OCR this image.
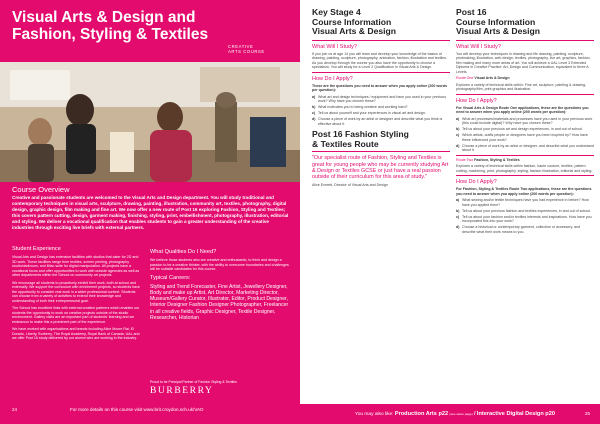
Visual Arts & Design and
Fashion, Styling & Textiles
CREATIVE
ARTS COURSE
Course Overview
Creative and passionate students are welcomed to the Visual Arts and Design department. You will study traditional and contemporary techniques in visual arts, sculpture, drawing, painting, illustration, community art, textiles, photography, digital design, graphic design, film making and fine art. We now offer a new route of Post 16 exploring Fashion, Styling and Textiles; this covers pattern cutting, design, garment making, finishing, styling, print, embellishment, photography, illustration, editorial and styling. We deliver a vocational qualification that enables students to gain a greater understanding of the creative industries through exciting live briefs with external partners.
Student Experience
Visual Arts and Design has extensive facilities with studios that cater for 2D and 3D work. These facilities range from textiles, screen printing, photography studio/darkroom, and iMac suite for digital manipulation. All projects have a vocational focus and offer opportunities to work with outside agencies as well as other departments within the School on community art projects.
We encourage all students to proactively exhibit their work, both at school and externally. We support the curriculum with enrichment projects, so students have the opportunity to consider real work in a wider professional context. Students can choose from a variety of activities to extend their knowledge and understanding of both their entrepreneurial goal.
The School has excellent links with external creative partners which enables our students the opportunity to work on creative projects outside of the studio environment. Gallery visits are an important part of students' learning and we endeavour to make this a prominent part of the experience.
We have worked with organisations and brands including Alice Moore Rai, El Dorado, Liberty, Burberry, The Royal Academy, Royal Bank of Canada, UAL and we offer Post 16 study delivered by our alumni who are working in the industry.
What Qualities Do I Need?
We believe those students who are creative and enthusiastic, to think and design a passion to be a creative thinker, with the ability to overcome boundaries and challenges will be suitable candidates for this course.
Typical Careers:
Styling and Trend Forecaster, Fine Artist, Jewellery Designer, Body and make up Artist, Art Director, Marketing Director, Museum/Gallery Curator, Illustrator, Editor, Product Designer, Interior Designer Fashion Designer Photographer, Freelancer in all creative fields, Graphic Designer, Textile Designer, Researcher, Historian
Proud to be Principal Partner of Fashion Styling & Textiles
BURBERRY
24	For more details on this course visit www.brit.croydon.sch.uk/VAD
Key Stage 4
Course Information
Visual Arts & Design
What Will I Study?
If you join us at age 14 you will learn and develop your knowledge of the basics of drawing, painting, sculpture, photography, animation, fashion, illustration and textiles. As you develop through the course you also have the opportunity to choose a specialism. You will study for a Level 2 Qualification in Visual Arts & Design.
How Do I Apply?
These are the questions you need to answer when you apply online (200 words per question):
a) What art and design techniques / equipment and have you used in your previous work? Why have you chosen these?
b) What motivates you to being creative and working hard?
c) Tell us about yourself and your experiences in visual art and design.
d) Choose a piece of work by an artist or designer and describe what you think is effective about it.
Post 16 Fashion Styling
& Textiles Route
"Our specialist route of Fashion, Styling and Textiles is great for young people who may be currently studying Art & Design or Textiles GCSE or just have a real passion outside of their curriculum for this area of study."
Alice Everett, Director of Visual Arts and Design
Post 16
Course Information
Visual Arts & Design
What Will I Study?
You will develop your techniques in drawing and life drawing, painting, sculpture, printmaking, illustration, web design, textiles, photography, live art, graphics, fashion, film making and many more areas of art. You will achieve a UAL Level 3 Extended Diploma in Creative Practice: Art, Design and Communication, equivalent to three A Levels.
Route One Visual Arts & Design
Explores a variety of technical skills within: Fine art, sculpture, painting & drawing, photography/film, print graphics and illustration.
How Do I Apply?
For Visual Arts & Design Route One applications, these are the questions you need to answer when you apply online (200 words per question):
a) What art processes/materials and processes have you used in your previous work (this could include digital)? Why have you chosen these?
b) Tell us about your previous art and design experiences, in and out of school.
c) Which artists, crafts people or designers have you been inspired by? How have these influenced your work?
d) Choose a piece of work by an artist or designer, and describe what you understand about it.
Route Two Fashion, Styling & Textiles
Explores a variety of technical skills within fashion, haute couture, textiles, pattern cutting, machining, print, photography, styling, fashion illustration, editorial and styling.
How Do I Apply?
For Fashion, Styling & Textiles Route Two applications, these are the questions you need to answer when you apply online (200 words per question):
a) What sewing and/or textile techniques have you had experience in before? How have you applied them?
b) Tell us about your previous fashion and textiles experiences, in and out of school.
c) Tell us about your fashion and/or textiles interests and inspirations. How have you incorporated this into your work?
d) Choose a historical or contemporary garment, collection or accessory, and describe what their work means to you.
You may also like: Production Arts p22 (see same page) / Interactive Digital Design p20	25
